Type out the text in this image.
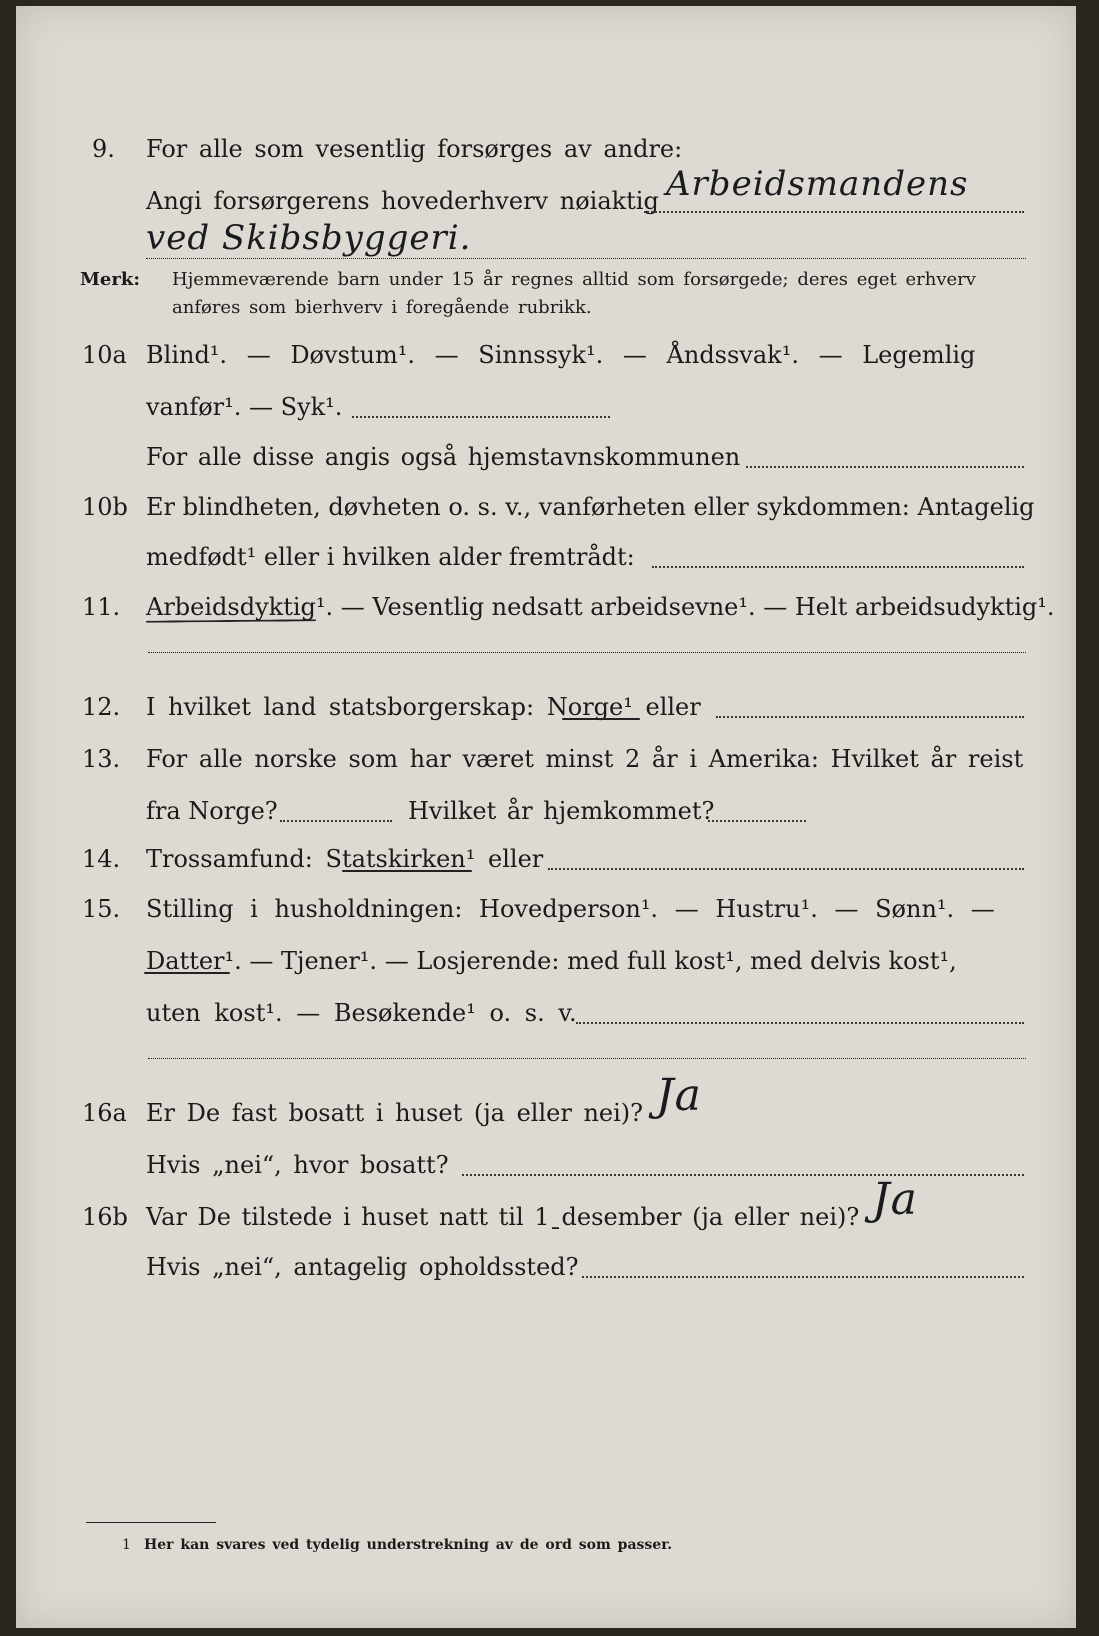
9. For alle som vesentlig forsørges av andre:
Angi forsørgerens hovederhverv nøiaktig Arbeidsmandens
ved Skibsbyggeri.
Merk: Hjemmeværende barn under 15 år regnes alltid som forsørgede; deres eget erhverv
anføres som bierhverv i foregående rubrikk.
10a Blind¹. — Døvstum¹. — Sinnssyk¹. — Åndssvak¹. — Legemlig
vanfør¹. — Syk¹.
For alle disse angis også hjemstavnskommunen
10b Er blindheten, døvheten o. s. v., vanførheten eller sykdommen: Antagelig
medfødt¹ eller i hvilken alder fremtrådt:
11. Arbeidsdyktig¹. — Vesentlig nedsatt arbeidsevne¹. — Helt arbeidsudyktig¹.
12. I hvilket land statsborgerskap: Norge¹ eller
13. For alle norske som har været minst 2 år i Amerika: Hvilket år reist
fra Norge?	Hvilket år hjemkommet?
14. Trossamfund: Statskirken¹ eller
15. Stilling i husholdningen: Hovedperson¹. — Hustru¹. — Sønn¹. —
Datter¹. — Tjener¹. — Losjerende: med full kost¹, med delvis kost¹,
uten kost¹. — Besøkende¹ o. s. v.
16a Er De fast bosatt i huset (ja eller nei)? Ja
Hvis „nei“, hvor bosatt?
16b Var De tilstede i huset natt til 1ˍdesember (ja eller nei)? Ja
Hvis „nei“, antagelig opholdssted?
1 Her kan svares ved tydelig understrekning av de ord som passer.
